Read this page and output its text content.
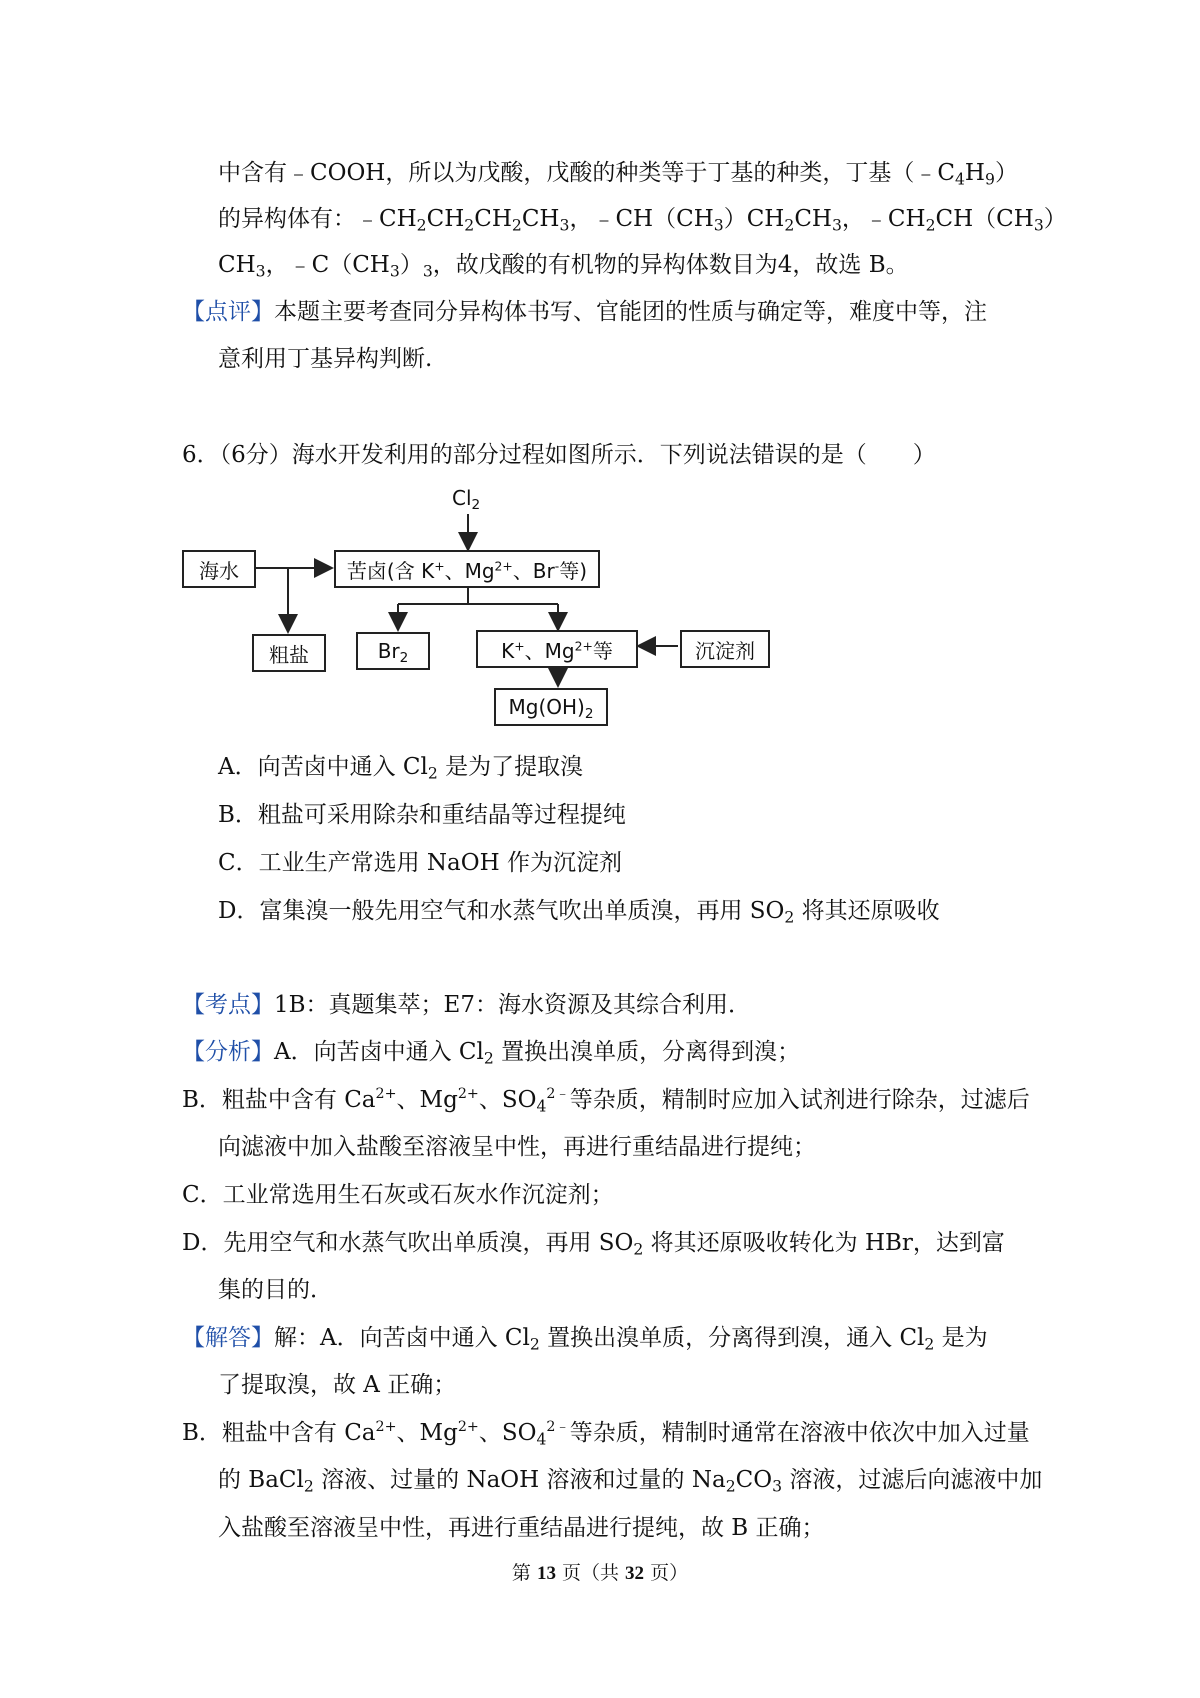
中含有﹣COOH，所以为戊酸，戊酸的种类等于丁基的种类，丁基$(﹣C_4H_9)$
的异构体有：$﹣CH_2CH_2CH_2CH_3$，$﹣CH(CH_3)CH_2CH_3$，$﹣CH_2CH(CH_3)$
$CH_3$，$﹣C(CH_3)_3$，故戊酸的有机物的异构体数目为4，故选 B。
【点评】本题主要考查同分异构体书写、官能团的性质与确定等，难度中等，注
意利用丁基异构判断.
6．（6分）海水开发利用的部分过程如图所示．下列说法错误的是（　　）
$Cl_2$
海水	苦卤(含 K+、$Mg^{2+}$、Br-等)
粗盐	$Br_2$	K+、$Mg^{2+}$等	沉淀剂
$Mg(OH)_2$
A．向苦卤中通入 $Cl_2$ 是为了提取溴
B．粗盐可采用除杂和重结晶等过程提纯
C．工业生产常选用 NaOH 作为沉淀剂
D．富集溴一般先用空气和水蒸气吹出单质溴，再用 $SO_2$ 将其还原吸收
【考点】1B：真题集萃；E7：海水资源及其综合利用．
【分析】A．向苦卤中通入 $Cl_2$ 置换出溴单质，分离得到溴；
B．粗盐中含有 $Ca^{2+}$、$Mg^{2+}$、$SO_4^{2﹣}$等杂质，精制时应加入试剂进行除杂，过滤后
向滤液中加入盐酸至溶液呈中性，再进行重结晶进行提纯；
C．工业常选用生石灰或石灰水作沉淀剂；
D．先用空气和水蒸气吹出单质溴，再用 $SO_2$ 将其还原吸收转化为 HBr，达到富
集的目的．
【解答】解：A．向苦卤中通入 $Cl_2$ 置换出溴单质，分离得到溴，通入 $Cl_2$ 是为
了提取溴，故 A 正确；
B．粗盐中含有 $Ca^{2+}$、$Mg^{2+}$、$SO_4^{2﹣}$等杂质，精制时通常在溶液中依次中加入过量
的 BaCl$_2$ 溶液、过量的 NaOH 溶液和过量的 $Na_2CO_3$ 溶液，过滤后向滤液中加
入盐酸至溶液呈中性，再进行重结晶进行提纯，故 B 正确；
第 13 页（共 32 页）
